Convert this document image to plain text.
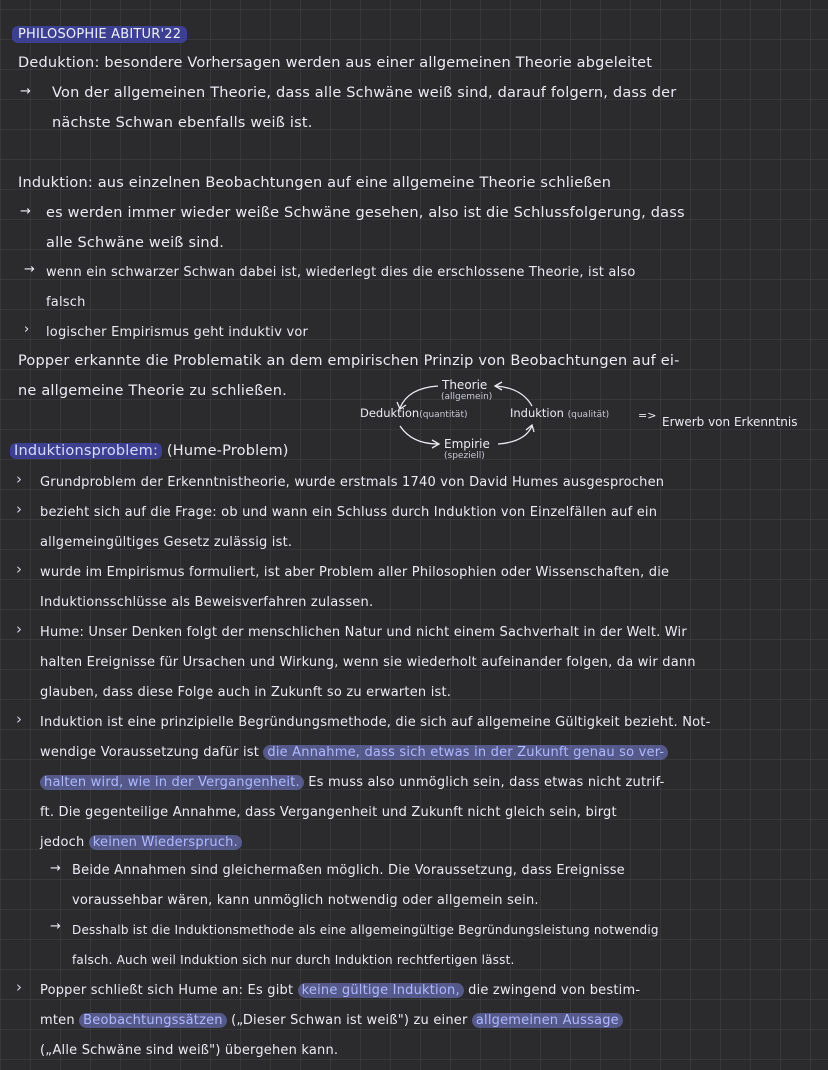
PHILOSOPHIE ABITUR'22
Deduktion: besondere Vorhersagen werden aus einer allgemeinen Theorie abgeleitet
→ Von der allgemeinen Theorie, dass alle Schwäne weiß sind, darauf folgern, dass der
nächste Schwan ebenfalls weiß ist.
Induktion: aus einzelnen Beobachtungen auf eine allgemeine Theorie schließen
→ es werden immer wieder weiße Schwäne gesehen, also ist die Schlussfolgerung, dass
alle Schwäne weiß sind.
→ wenn ein schwarzer Schwan dabei ist, wiederlegt dies die erschlossene Theorie, ist also
falsch
› logischer Empirismus geht induktiv vor
Popper erkannte die Problematik an dem empirischen Prinzip von Beobachtungen auf ei-
ne allgemeine Theorie zu schließen.	Theorie
(allgemein)
Deduktion(quantität)	Induktion (qualität)	=> Erwerb von Erkenntnis
Empirie
(speziell)
Induktionsproblem: (Hume-Problem)
› Grundproblem der Erkenntnistheorie, wurde erstmals 1740 von David Humes ausgesprochen
› bezieht sich auf die Frage: ob und wann ein Schluss durch Induktion von Einzelfällen auf ein
allgemeingültiges Gesetz zulässig ist.
› wurde im Empirismus formuliert, ist aber Problem aller Philosophien oder Wissenschaften, die
Induktionsschlüsse als Beweisverfahren zulassen.
› Hume: Unser Denken folgt der menschlichen Natur und nicht einem Sachverhalt in der Welt. Wir
halten Ereignisse für Ursachen und Wirkung, wenn sie wiederholt aufeinander folgen, da wir dann
glauben, dass diese Folge auch in Zukunft so zu erwarten ist.
› Induktion ist eine prinzipielle Begründungsmethode, die sich auf allgemeine Gültigkeit bezieht. Not-
wendige Voraussetzung dafür ist die Annahme, dass sich etwas in der Zukunft genau so ver-
halten wird, wie in der Vergangenheit. Es muss also unmöglich sein, dass etwas nicht zutrif-
ft. Die gegenteilige Annahme, dass Vergangenheit und Zukunft nicht gleich sein, birgt
jedoch keinen Wiederspruch.
→ Beide Annahmen sind gleichermaßen möglich. Die Voraussetzung, dass Ereignisse
voraussehbar wären, kann unmöglich notwendig oder allgemein sein.
→ Desshalb ist die Induktionsmethode als eine allgemeingültige Begründungsleistung notwendig
falsch. Auch weil Induktion sich nur durch Induktion rechtfertigen lässt.
› Popper schließt sich Hume an: Es gibt keine gültige Induktion, die zwingend von bestim-
mten Beobachtungssätzen („Dieser Schwan ist weiß") zu einer allgemeinen Aussage
(„Alle Schwäne sind weiß") übergehen kann.
